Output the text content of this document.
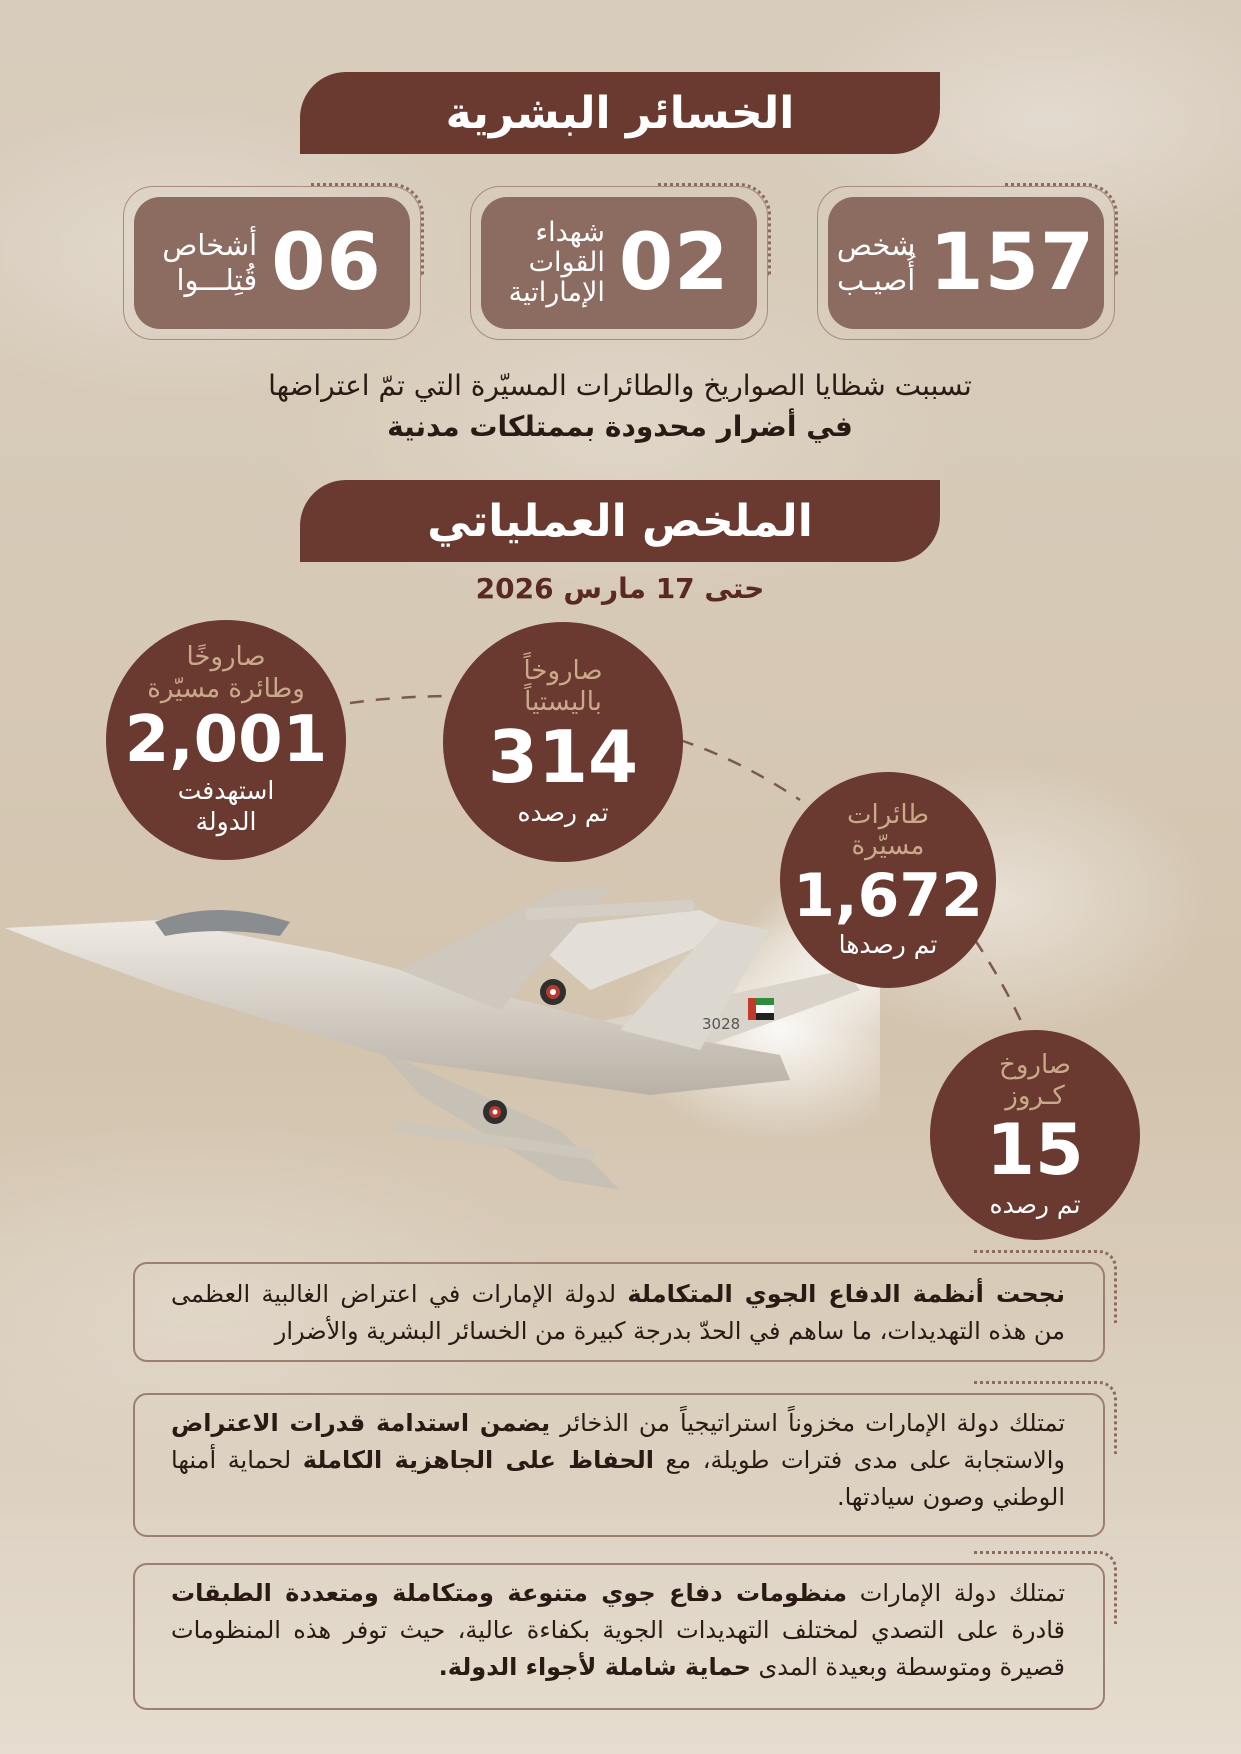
الخسائر البشرية
157
شخص
أُصيـب
02
شهداء
القوات
الإماراتية
06
أشخاص
قُتِلـــوا
تسببت شظايا الصواريخ والطائرات المسيّرة التي تمّ اعتراضها
في أضرار محدودة بممتلكات مدنية
الملخص العملياتي
حتى 17 مارس 2026
3028
صاروخًا
وطائرة مسيّرة
2,001
استهدفت
الدولة
صاروخاً
باليستياً
314
تم رصده	طائرات
مسيّرة
1,672
تم رصدها
صاروخ
كـروز
15
تم رصده
نجحت أنظمة الدفاع الجوي المتكاملة لدولة الإمارات في اعتراض الغالبية العظمى من هذه التهديدات، ما ساهم في الحدّ بدرجة كبيرة من الخسائر البشرية والأضرار
تمتلك دولة الإمارات مخزوناً استراتيجياً من الذخائر يضمن استدامة قدرات الاعتراض والاستجابة على مدى فترات طويلة، مع الحفاظ على الجاهزية الكاملة لحماية أمنها الوطني وصون سيادتها.
تمتلك دولة الإمارات منظومات دفاع جوي متنوعة ومتكاملة ومتعددة الطبقات قادرة على التصدي لمختلف التهديدات الجوية بكفاءة عالية، حيث توفر هذه المنظومات قصيرة ومتوسطة وبعيدة المدى حماية شاملة لأجواء الدولة.
